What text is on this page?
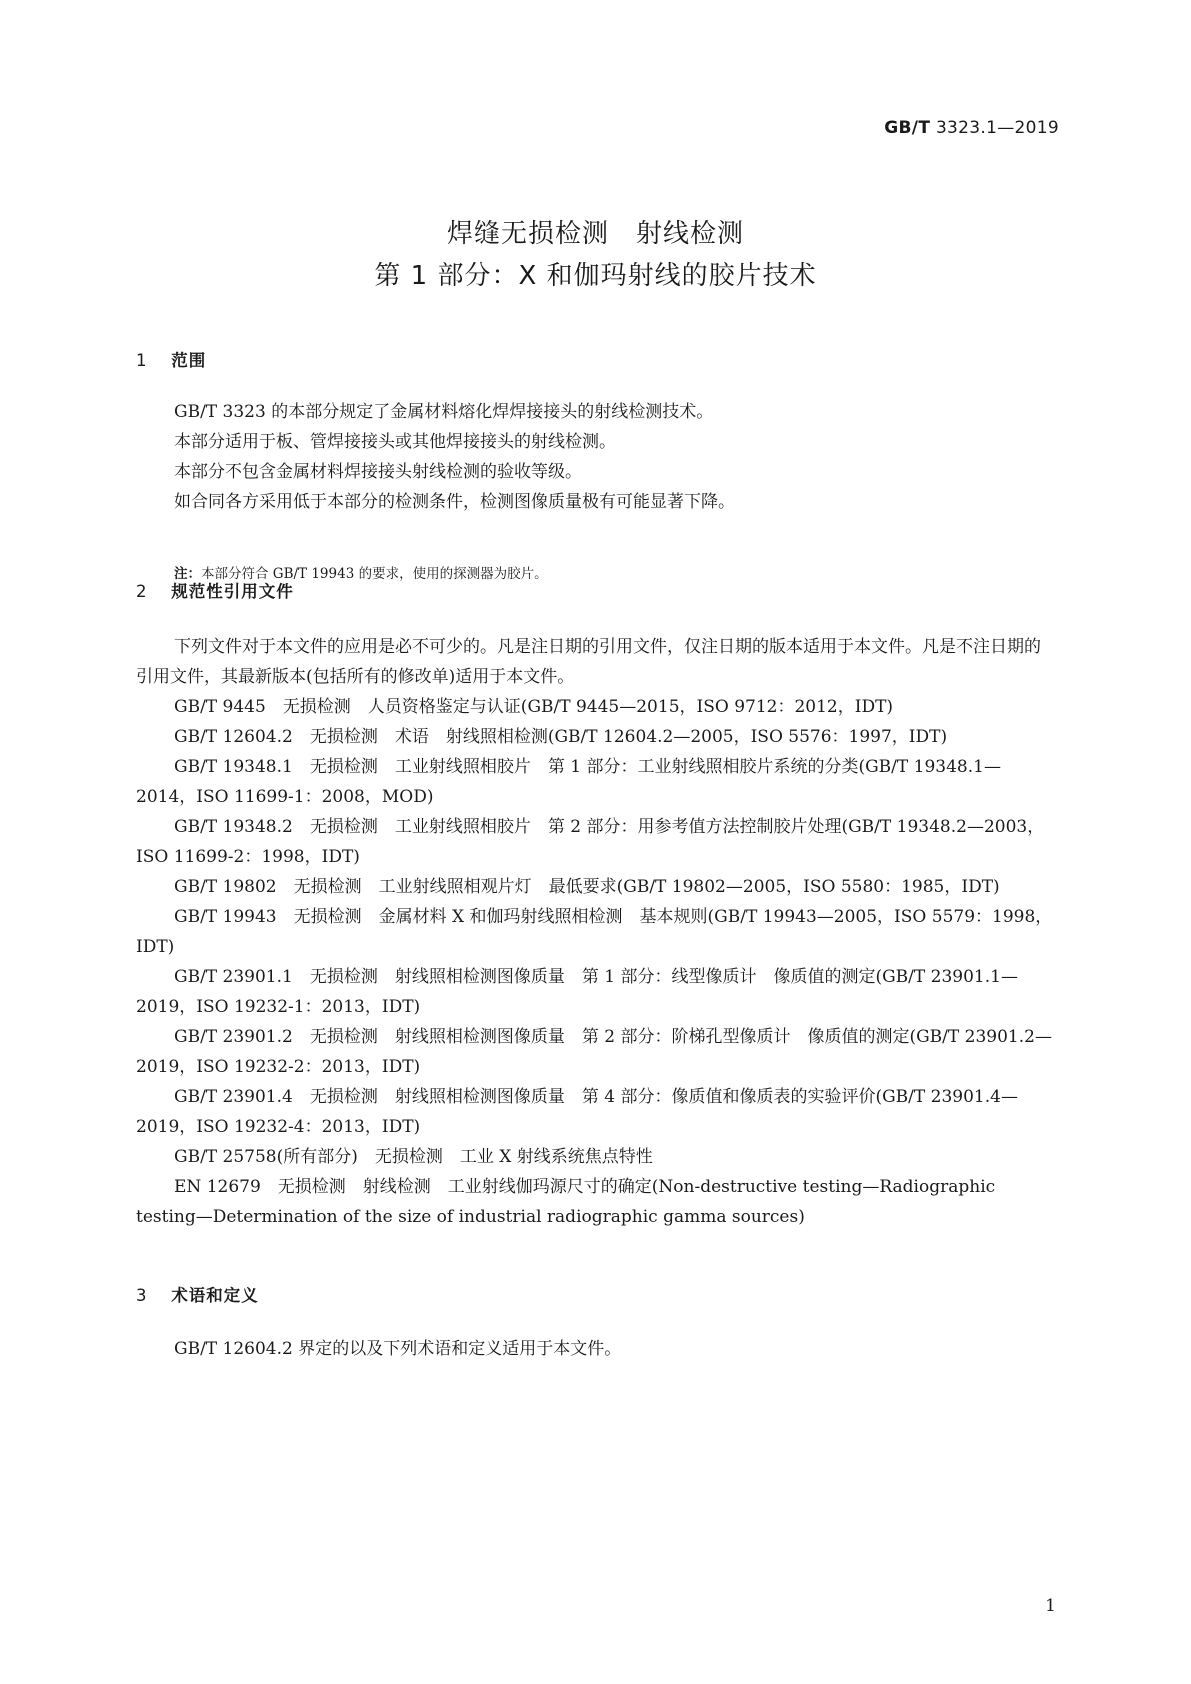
GB/T 3323.1—2019
焊缝无损检测　射线检测
第 1 部分：X 和伽玛射线的胶片技术
1 范围

GB/T 3323 的本部分规定了金属材料熔化焊焊接接头的射线检测技术。

本部分适用于板、管焊接接头或其他焊接接头的射线检测。

本部分不包含金属材料焊接接头射线检测的验收等级。

如合同各方采用低于本部分的检测条件，检测图像质量极有可能显著下降。

注：本部分符合 GB/T 19943 的要求，使用的探测器为胶片。
2 规范性引用文件

下列文件对于本文件的应用是必不可少的。凡是注日期的引用文件，仅注日期的版本适用于本文件。凡是不注日期的引用文件，其最新版本(包括所有的修改单)适用于本文件。

GB/T 9445　无损检测　人员资格鉴定与认证(GB/T 9445—2015，ISO 9712：2012，IDT)

GB/T 12604.2　无损检测　术语　射线照相检测(GB/T 12604.2—2005，ISO 5576：1997，IDT)

GB/T 19348.1　无损检测　工业射线照相胶片　第 1 部分：工业射线照相胶片系统的分类(GB/T 19348.1—2014，ISO 11699-1：2008，MOD)

GB/T 19348.2　无损检测　工业射线照相胶片　第 2 部分：用参考值方法控制胶片处理(GB/T 19348.2—2003，ISO 11699-2：1998，IDT)

GB/T 19802　无损检测　工业射线照相观片灯　最低要求(GB/T 19802—2005，ISO 5580：1985，IDT)

GB/T 19943　无损检测　金属材料 X 和伽玛射线照相检测　基本规则(GB/T 19943—2005，ISO 5579：1998，IDT)

GB/T 23901.1　无损检测　射线照相检测图像质量　第 1 部分：线型像质计　像质值的测定(GB/T 23901.1—2019，ISO 19232-1：2013，IDT)

GB/T 23901.2　无损检测　射线照相检测图像质量　第 2 部分：阶梯孔型像质计　像质值的测定(GB/T 23901.2—2019，ISO 19232-2：2013，IDT)

GB/T 23901.4　无损检测　射线照相检测图像质量　第 4 部分：像质值和像质表的实验评价(GB/T 23901.4—2019，ISO 19232-4：2013，IDT)

GB/T 25758(所有部分)　无损检测　工业 X 射线系统焦点特性

EN 12679　无损检测　射线检测　工业射线伽玛源尺寸的确定(Non-destructive testing—Radiographic testing—Determination of the size of industrial radiographic gamma sources)

3 术语和定义

GB/T 12604.2 界定的以及下列术语和定义适用于本文件。

1
